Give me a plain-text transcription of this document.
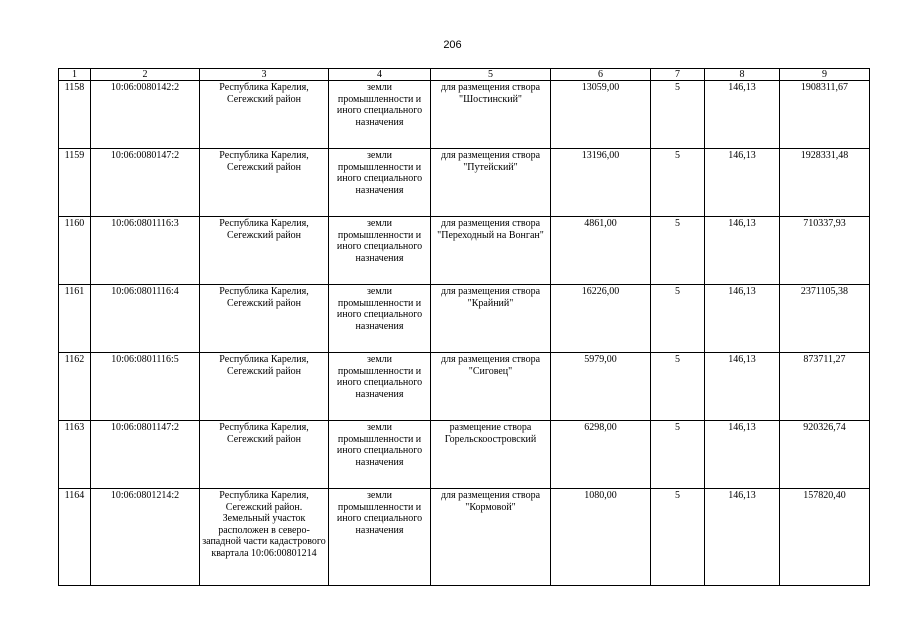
206
1	2	3	4	5	6	7	8	9
1158	10:06:0080142:2	Республика Карелия, Сегежский район	земли промышленности и иного специального назначения	для размещения створа "Шостинский"	13059,00	5	146,13	1908311,67
1159	10:06:0080147:2	Республика Карелия, Сегежский район	земли промышленности и иного специального назначения	для размещения створа "Путейский"	13196,00	5	146,13	1928331,48
1160	10:06:0801116:3	Республика Карелия, Сегежский район	земли промышленности и иного специального назначения	для размещения створа "Переходный на Вонган"	4861,00	5	146,13	710337,93
1161	10:06:0801116:4	Республика Карелия, Сегежский район	земли промышленности и иного специального назначения	для размещения створа "Крайний"	16226,00	5	146,13	2371105,38
1162	10:06:0801116:5	Республика Карелия, Сегежский район	земли промышленности и иного специального назначения	для размещения створа "Сиговец"	5979,00	5	146,13	873711,27
1163	10:06:0801147:2	Республика Карелия, Сегежский район	земли промышленности и иного специального назначения	размещение створа Горельскоостровский	6298,00	5	146,13	920326,74
1164	10:06:0801214:2	Республика Карелия, Сегежский район. Земельный участок расположен в северо-западной части кадастрового квартала 10:06:00801214	земли промышленности и иного специального назначения	для размещения створа "Кормовой"	1080,00	5	146,13	157820,40
